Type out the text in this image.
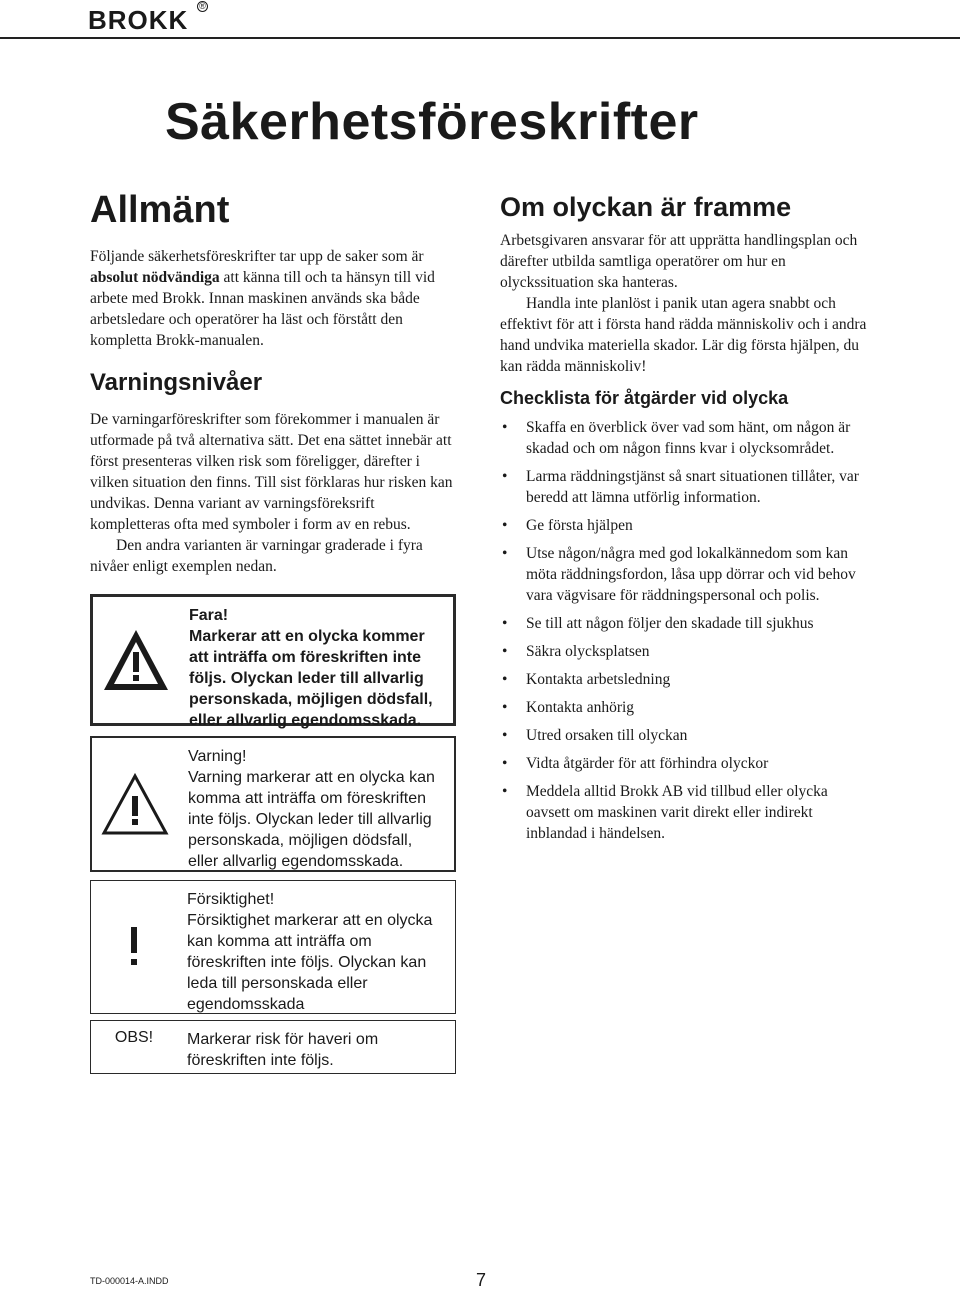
BROKK ®
Säkerhetsföreskrifter
Allmänt

Följande säkerhetsföreskrifter tar upp de saker som är absolut nödvändiga att känna till och ta hänsyn till vid arbete med Brokk. Innan maskinen används ska både arbetsledare och operatörer ha läst och förstått den kompletta Brokk-manualen.

Varningsnivåer

De varningarföreskrifter som förekommer i manualen är utformade på två alternativa sätt. Det ena sättet innebär att först presenteras vilken risk som föreligger, därefter i vilken situation den finns. Till sist förklaras hur risken kan undvikas. Denna variant av varningsföreksrift kompletteras ofta med symboler i form av en rebus.

Den andra varianten är varningar graderade i fyra nivåer enligt exemplen nedan.

Fara!
Markerar att en olycka kommer att inträffa om föreskriften inte följs. Olyckan leder till allvarlig personskada, möjligen dödsfall, eller allvarlig egendomsskada.
Varning!
Varning markerar att en olycka kan komma att inträffa om föreskriften inte följs. Olyckan leder till allvarlig personskada, möjligen dödsfall, eller allvarlig egendomsskada.
Försiktighet!
Försiktighet markerar att en olycka kan komma att inträffa om föreskriften inte följs. Olyckan kan leda till personskada eller egendomsskada
OBS!	Markerar risk för haveri om föreskriften inte följs.
Om olyckan är framme

Arbetsgivaren ansvarar för att upprätta handlingsplan och därefter utbilda samtliga operatörer om hur en olyckssituation ska hanteras.

Handla inte planlöst i panik utan agera snabbt och effektivt för att i första hand rädda människoliv och i andra hand undvika materiella skador. Lär dig första hjälpen, du kan rädda människoliv!

Checklista för åtgärder vid olycka
• Skaffa en överblick över vad som hänt, om någon är skadad och om någon finns kvar i olycksområdet.
• Larma räddningstjänst så snart situationen tillåter, var beredd att lämna utförlig information.
• Ge första hjälpen
• Utse någon/några med god lokalkännedom som kan möta räddningsfordon, låsa upp dörrar och vid behov vara vägvisare för räddningspersonal och polis.
• Se till att någon följer den skadade till sjukhus
• Säkra olycksplatsen
• Kontakta arbetsledning
• Kontakta anhörig
• Utred orsaken till olyckan
• Vidta åtgärder för att förhindra olyckor
• Meddela alltid Brokk AB vid tillbud eller olycka oavsett om maskinen varit direkt eller indirekt inblandad i händelsen.
TD-000014-A.INDD	7
